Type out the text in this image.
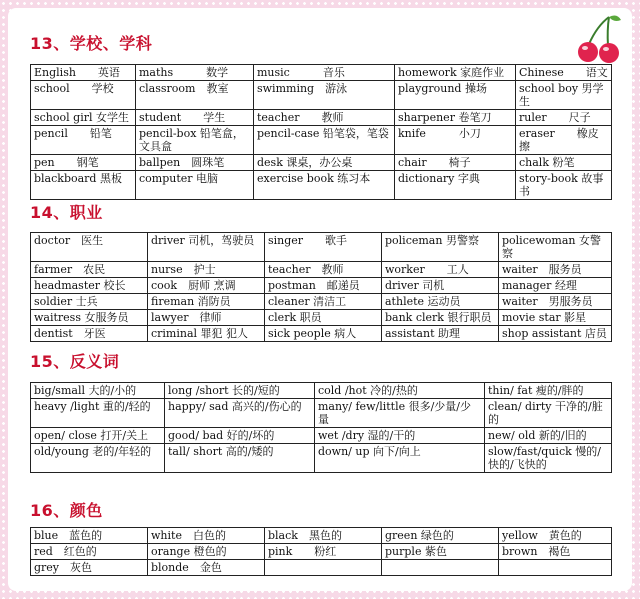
13、学校、学科
English　　英语	maths　　　数学	music　　　音乐	homework 家庭作业	Chinese　　语文
school　　学校	classroom　教室	swimming　游泳	playground 操场	school boy 男学生
school girl 女学生	student　　学生	teacher　　教师	sharpener 卷笔刀	ruler　　尺子
pencil　　铅笔	pencil-box 铅笔盒，文具盒	pencil-case 铅笔袋，笔袋	knife　　　小刀	eraser　　橡皮擦
pen　　钢笔	ballpen　圆珠笔	desk 课桌，办公桌	chair　　椅子	chalk 粉笔
blackboard 黑板	computer 电脑	exercise book 练习本	dictionary 字典	story-book 故事书
14、职业
doctor　医生	driver 司机，驾驶员	singer　　歌手	policeman 男警察	policewoman 女警察
farmer　农民	nurse　护士	teacher　教师	worker　　工人	waiter　服务员
headmaster 校长	cook　厨师 烹调	postman　邮递员	driver 司机	manager 经理
soldier 士兵	fireman 消防员	cleaner 清洁工	athlete 运动员	waiter　男服务员
waitress 女服务员	lawyer　律师	clerk 职员	bank clerk 银行职员	movie star 影星
dentist　牙医	criminal 罪犯 犯人	sick people 病人	assistant 助理	shop assistant 店员
15、反义词
big/small 大的/小的	long /short 长的/短的	cold /hot 冷的/热的	thin/ fat 瘦的/胖的
heavy /light 重的/轻的	happy/ sad 高兴的/伤心的	many/ few/little 很多/少量/少量	clean/ dirty 干净的/脏的
open/ close 打开/关上	good/ bad 好的/坏的	wet /dry 湿的/干的	new/ old 新的/旧的
old/young 老的/年轻的	tall/ short 高的/矮的	down/ up 向下/向上	slow/fast/quick 慢的/快的/飞快的
16、颜色
blue　蓝色的	white　白色的	black　黑色的	green 绿色的	yellow　黄色的
red　红色的	orange 橙色的	pink　　粉红	purple 紫色	brown　褐色
grey　灰色	blonde　金色			
